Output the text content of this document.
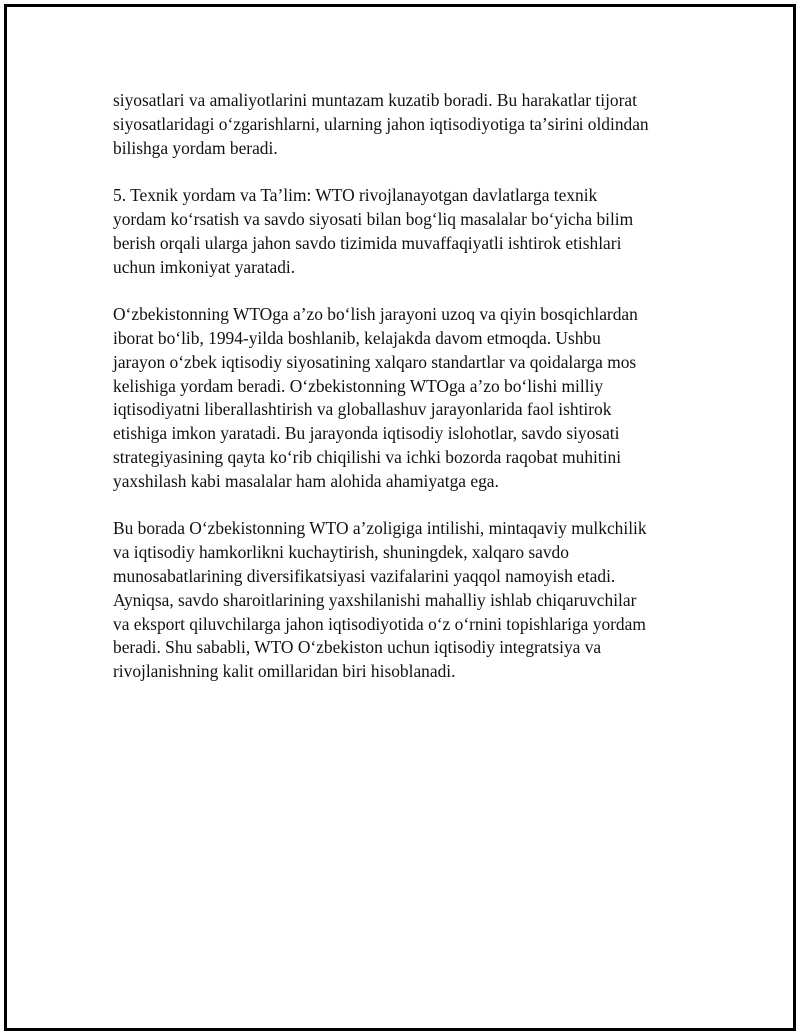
siyosatlari va amaliyotlarini muntazam kuzatib boradi. Bu harakatlar tijorat
siyosatlaridagi oʻzgarishlarni, ularning jahon iqtisodiyotiga taʼsirini oldindan
bilishga yordam beradi.

5. Texnik yordam va Taʼlim: WTO rivojlanayotgan davlatlarga texnik
yordam koʻrsatish va savdo siyosati bilan bogʻliq masalalar boʻyicha bilim
berish orqali ularga jahon savdo tizimida muvaffaqiyatli ishtirok etishlari
uchun imkoniyat yaratadi.

Oʻzbekistonning WTOga aʼzo boʻlish jarayoni uzoq va qiyin bosqichlardan
iborat boʻlib, 1994-yilda boshlanib, kelajakda davom etmoqda. Ushbu
jarayon oʻzbek iqtisodiy siyosatining xalqaro standartlar va qoidalarga mos
kelishiga yordam beradi. Oʻzbekistonning WTOga aʼzo boʻlishi milliy
iqtisodiyatni liberallashtirish va globallashuv jarayonlarida faol ishtirok
etishiga imkon yaratadi. Bu jarayonda iqtisodiy islohotlar, savdo siyosati
strategiyasining qayta koʻrib chiqilishi va ichki bozorda raqobat muhitini
yaxshilash kabi masalalar ham alohida ahamiyatga ega.

Bu borada Oʻzbekistonning WTO aʼzoligiga intilishi, mintaqaviy mulkchilik
va iqtisodiy hamkorlikni kuchaytirish, shuningdek, xalqaro savdo
munosabatlarining diversifikatsiyasi vazifalarini yaqqol namoyish etadi.
Ayniqsa, savdo sharoitlarining yaxshilanishi mahalliy ishlab chiqaruvchilar
va eksport qiluvchilarga jahon iqtisodiyotida oʻz oʻrnini topishlariga yordam
beradi. Shu sababli, WTO Oʻzbekiston uchun iqtisodiy integratsiya va
rivojlanishning kalit omillaridan biri hisoblanadi.
